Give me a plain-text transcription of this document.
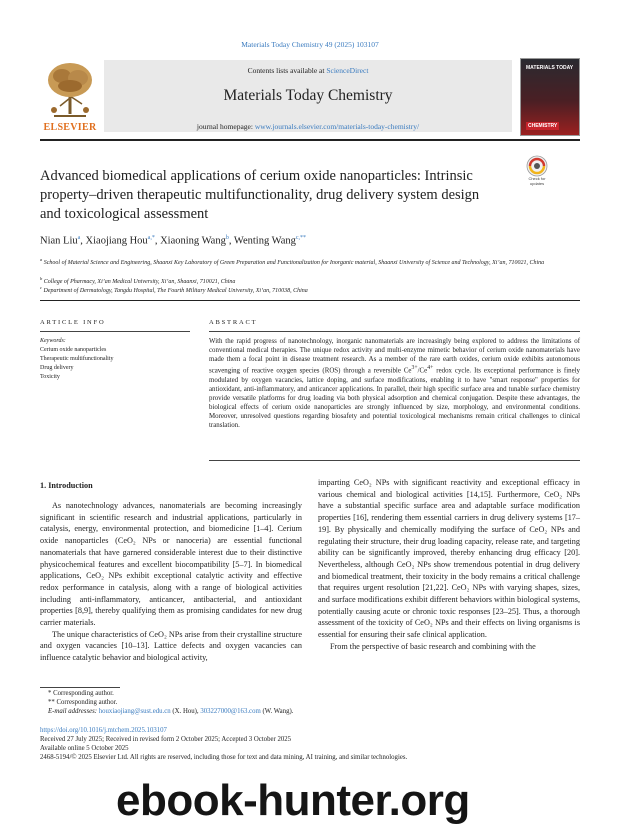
Materials Today Chemistry 49 (2025) 103107
ELSEVIER
Contents lists available at ScienceDirect
Materials Today Chemistry
journal homepage: www.journals.elsevier.com/materials-today-chemistry/
MATERIALS TODAY
CHEMISTRY
Advanced biomedical applications of cerium oxide nanoparticles: Intrinsic property–driven therapeutic multifunctionality, drug delivery system design and toxicological assessment
Check for updates
Nian Liu$^a$, Xiaojiang Hou$^{a,*}$, Xiaoning Wang$^b$, Wenting Wang$^{c,**}$
$^a$ School of Material Science and Engineering, Shaanxi Key Laboratory of Green Preparation and Functionalization for Inorganic material, Shaanxi University of Science and Technology, Xi’an, 710021, China
$^b$ College of Pharmacy, Xi’an Medical University, Xi’an, Shaanxi, 710021, China
$^c$ Department of Dermatology, Tangdu Hospital, The Fourth Military Medical University, Xi’an, 710038, China
ARTICLE INFO
Keywords:
Cerium oxide nanoparticles
Therapeutic multifunctionality
Drug delivery
Toxicity
ABSTRACT
With the rapid progress of nanotechnology, inorganic nanomaterials are increasingly being explored to address the limitations of conventional medical therapies. The unique redox activity and multi-enzyme mimetic behavior of cerium oxide nanomaterials have made them a focal point in disease treatment research. As a member of the rare earth oxides, cerium oxide exhibits autonomous scavenging of reactive oxygen species (ROS) through a reversible $Ce^{3+}/Ce^{4+}$ redox cycle. Its exceptional performance is finely modulated by oxygen vacancies, lattice doping, and surface modifications, enabling it to have "smart response" properties for antioxidant, anti-inflammatory, and anticancer applications. In parallel, their high specific surface area and tunable surface chemistry provide versatile platforms for drug loading via both physical adsorption and chemical conjugation. Despite these advantages, the biological effects of cerium oxide nanoparticles are strongly influenced by size, morphology, and environmental conditions. Moreover, unresolved questions regarding biosafety and potential toxicological mechanisms remain critical challenges to clinical translation.
1. Introduction

As nanotechnology advances, nanomaterials are becoming increasingly significant in scientific research and industrial applications, particularly in catalysis, energy, environmental protection, and biomedicine [1–4]. Cerium oxide nanoparticles (CeO₂ NPs or nanoceria) are essential functional nanomaterials that have garnered considerable interest due to their distinctive physicochemical features and excellent biocompatibility [5–7]. In biomedical applications, CeO₂ NPs exhibit exceptional catalytic activity and effective redox performance in catalysis, along with a range of biological activities including anti-inflammatory, anticancer, antibacterial, and antioxidant properties [8,9], thereby qualifying them as promising candidates for new drug carrier materials.

The unique characteristics of CeO₂ NPs arise from their crystalline structure and oxygen vacancies [10–13]. Lattice defects and oxygen vacancies can influence catalytic behavior and biological activity,

imparting CeO₂ NPs with significant reactivity and exceptional efficacy in various chemical and biological activities [14,15]. Furthermore, CeO₂ NPs have a substantial specific surface area and adaptable surface modification properties [16], rendering them essential carriers in drug delivery systems [17–19]. By physically and chemically modifying the surface of CeO₂ NPs and regulating their structure, their drug loading capacity, release rate, and targeting ability can be significantly improved, thereby enhancing drug efficacy [20]. Nevertheless, although CeO₂ NPs show tremendous potential in drug delivery and biomedical treatment, their toxicity in the body remains a critical challenge that requires urgent resolution [21,22]. CeO₂ NPs with varying shapes, sizes, and surface modifications exhibit different behaviors within biological systems, potentially causing acute or chronic toxic responses [23–25]. Thus, a thorough assessment of the toxicity of CeO₂ NPs and their effects on living organisms is essential for ensuring their safe clinical application.

From the perspective of basic research and combining with the

* Corresponding author.
** Corresponding author.
E-mail addresses: houxiaojiang@sust.edu.cn (X. Hou), 303227000@163.com (W. Wang).
https://doi.org/10.1016/j.mtchem.2025.103107
Received 27 July 2025; Received in revised form 2 October 2025; Accepted 3 October 2025
Available online 5 October 2025
2468-5194/© 2025 Elsevier Ltd. All rights are reserved, including those for text and data mining, AI training, and similar technologies.
ebook-hunter.org
